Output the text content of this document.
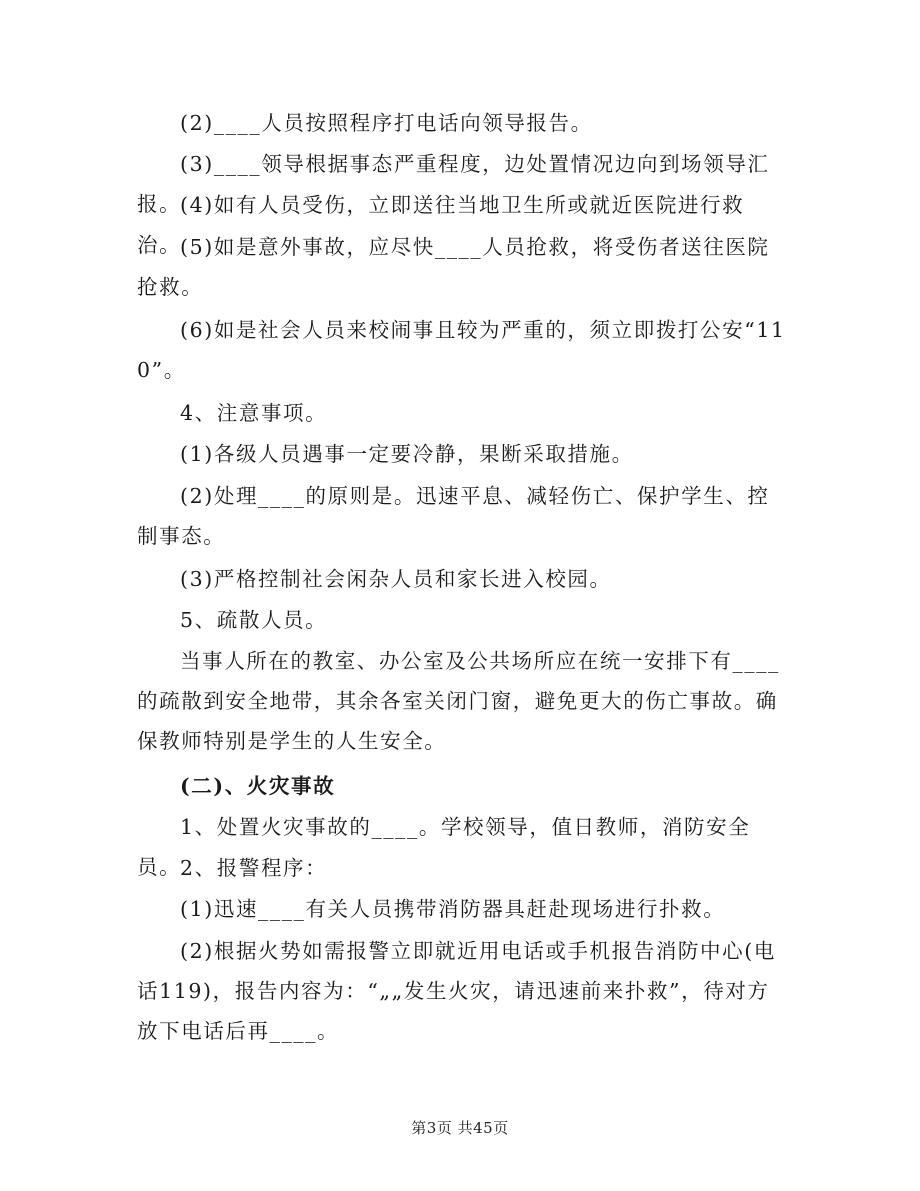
(2)____人员按照程序打电话向领导报告。

(3)____领导根据事态严重程度，边处置情况边向到场领导汇报。

(4)如有人员受伤，立即送往当地卫生所或就近医院进行救治。

(5)如是意外事故，应尽快____人员抢救，将受伤者送往医院抢救。

(6)如是社会人员来校闹事且较为严重的，须立即拨打公安“110”。

4、注意事项。

(1)各级人员遇事一定要冷静，果断采取措施。

(2)处理____的原则是。迅速平息、减轻伤亡、保护学生、控制事态。

(3)严格控制社会闲杂人员和家长进入校园。

5、疏散人员。

当事人所在的教室、办公室及公共场所应在统一安排下有____的疏散到安全地带，其余各室关闭门窗，避免更大的伤亡事故。确保教师特别是学生的人生安全。

(二)、火灾事故

1、处置火灾事故的____。学校领导，值日教师，消防安全员。

2、报警程序：

(1)迅速____有关人员携带消防器具赶赴现场进行扑救。

(2)根据火势如需报警立即就近用电话或手机报告消防中心(电话119)，报告内容为：“„„发生火灾，请迅速前来扑救”，待对方放下电话后再____。

第3页 共45页
